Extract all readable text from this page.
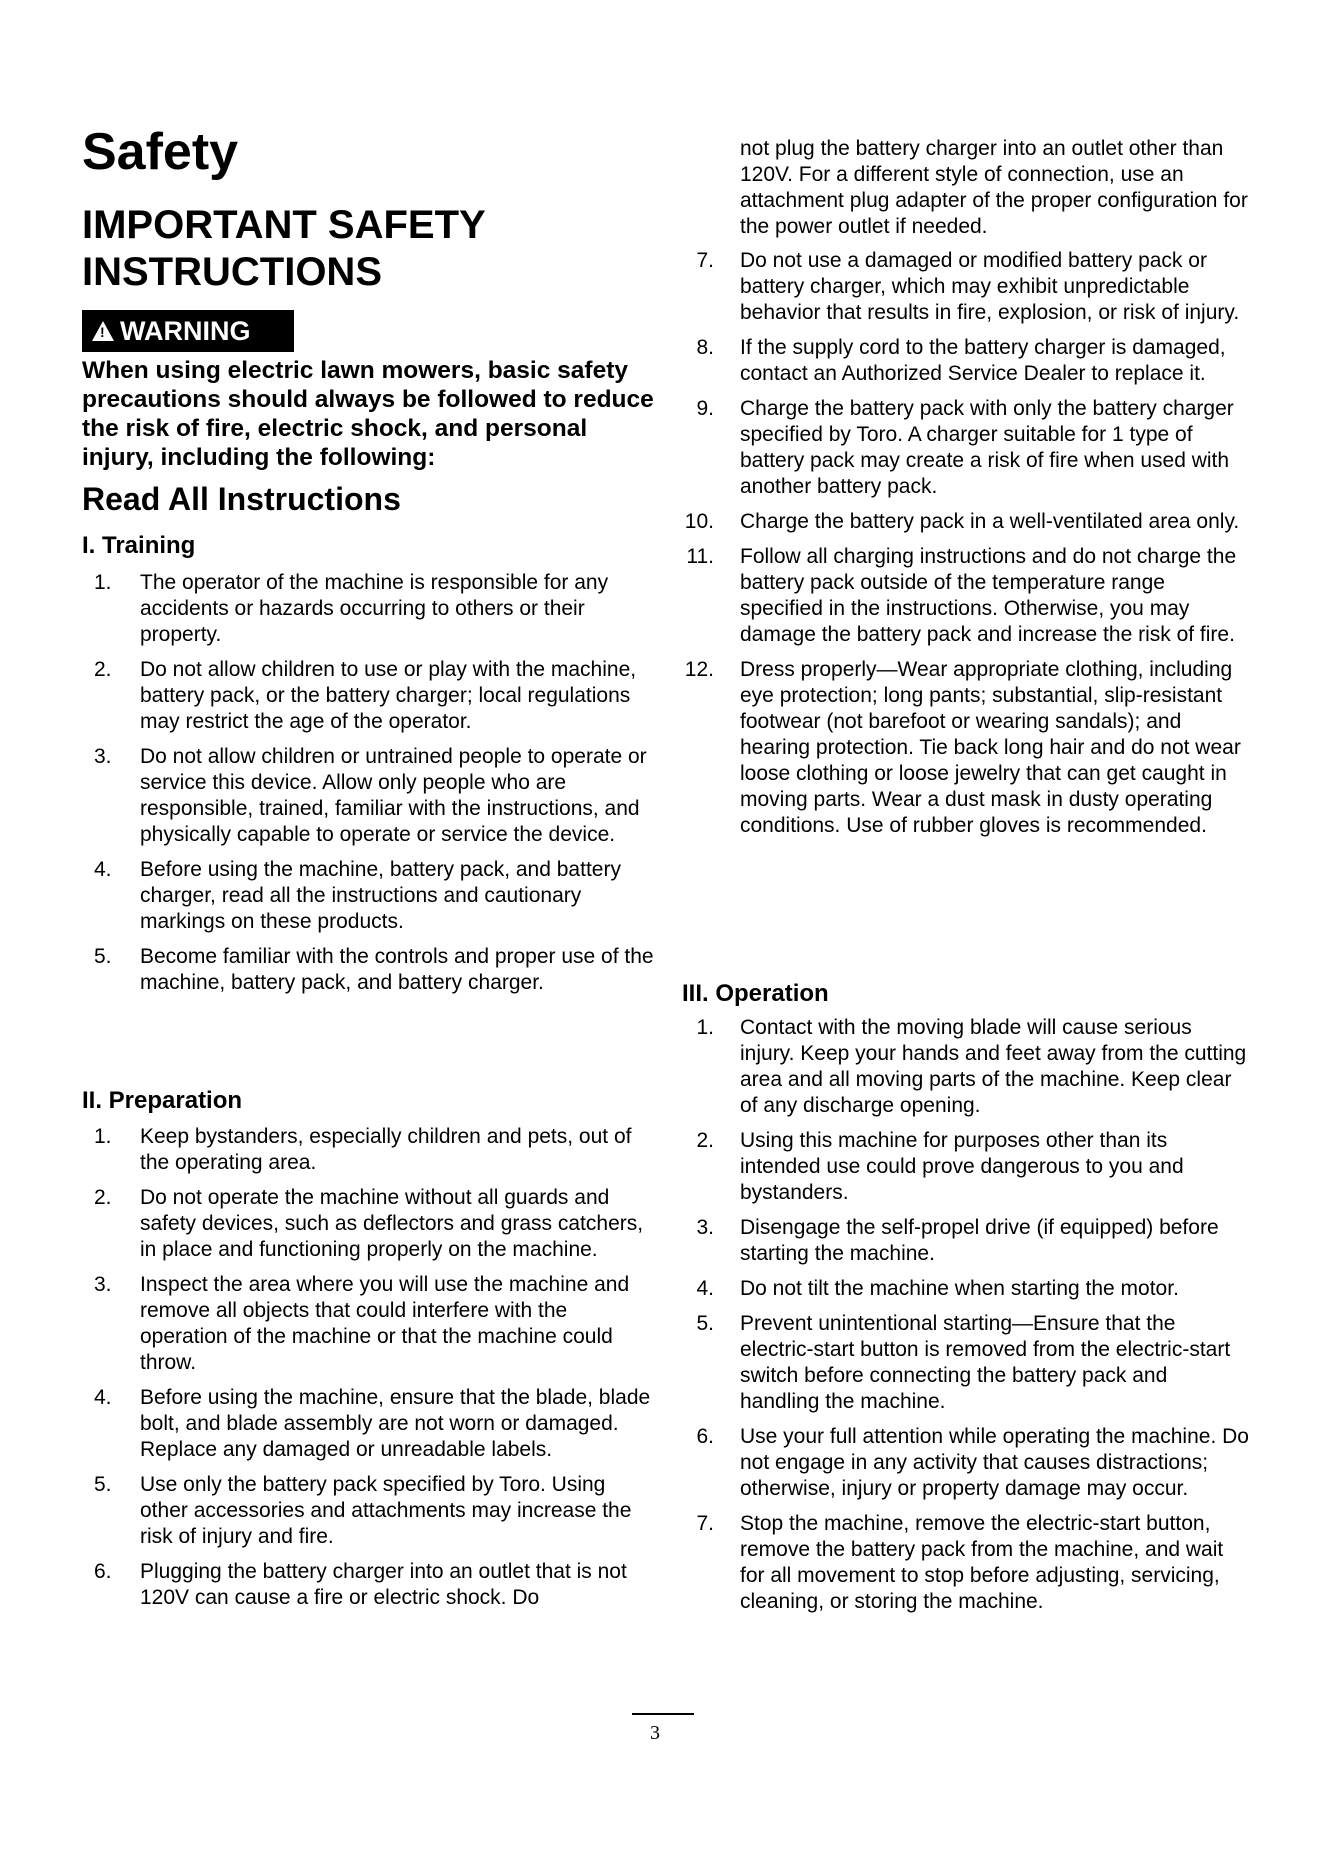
Safety
IMPORTANT SAFETY INSTRUCTIONS
! WARNING
When using electric lawn mowers, basic safety precautions should always be followed to reduce the risk of fire, electric shock, and personal injury, including the following:
Read All Instructions
I. Training
1. The operator of the machine is responsible for any accidents or hazards occurring to others or their property.
2. Do not allow children to use or play with the machine, battery pack, or the battery charger; local regulations may restrict the age of the operator.
3. Do not allow children or untrained people to operate or service this device. Allow only people who are responsible, trained, familiar with the instructions, and physically capable to operate or service the device.
4. Before using the machine, battery pack, and battery charger, read all the instructions and cautionary markings on these products.
5. Become familiar with the controls and proper use of the machine, battery pack, and battery charger.
II. Preparation
1. Keep bystanders, especially children and pets, out of the operating area.
2. Do not operate the machine without all guards and safety devices, such as deflectors and grass catchers, in place and functioning properly on the machine.
3. Inspect the area where you will use the machine and remove all objects that could interfere with the operation of the machine or that the machine could throw.
4. Before using the machine, ensure that the blade, blade bolt, and blade assembly are not worn or damaged. Replace any damaged or unreadable labels.
5. Use only the battery pack specified by Toro. Using other accessories and attachments may increase the risk of injury and fire.
6. Plugging the battery charger into an outlet that is not 120V can cause a fire or electric shock. Do
not plug the battery charger into an outlet other than 120V. For a different style of connection, use an attachment plug adapter of the proper configuration for the power outlet if needed.
7. Do not use a damaged or modified battery pack or battery charger, which may exhibit unpredictable behavior that results in fire, explosion, or risk of injury.
8. If the supply cord to the battery charger is damaged, contact an Authorized Service Dealer to replace it.
9. Charge the battery pack with only the battery charger specified by Toro. A charger suitable for 1 type of battery pack may create a risk of fire when used with another battery pack.
10. Charge the battery pack in a well-ventilated area only.
11. Follow all charging instructions and do not charge the battery pack outside of the temperature range specified in the instructions. Otherwise, you may damage the battery pack and increase the risk of fire.
12. Dress properly—Wear appropriate clothing, including eye protection; long pants; substantial, slip-resistant footwear (not barefoot or wearing sandals); and hearing protection. Tie back long hair and do not wear loose clothing or loose jewelry that can get caught in moving parts. Wear a dust mask in dusty operating conditions. Use of rubber gloves is recommended.
III. Operation
1. Contact with the moving blade will cause serious injury. Keep your hands and feet away from the cutting area and all moving parts of the machine. Keep clear of any discharge opening.
2. Using this machine for purposes other than its intended use could prove dangerous to you and bystanders.
3. Disengage the self-propel drive (if equipped) before starting the machine.
4. Do not tilt the machine when starting the motor.
5. Prevent unintentional starting—Ensure that the electric-start button is removed from the electric-start switch before connecting the battery pack and handling the machine.
6. Use your full attention while operating the machine. Do not engage in any activity that causes distractions; otherwise, injury or property damage may occur.
7. Stop the machine, remove the electric-start button, remove the battery pack from the machine, and wait for all movement to stop before adjusting, servicing, cleaning, or storing the machine.
3
